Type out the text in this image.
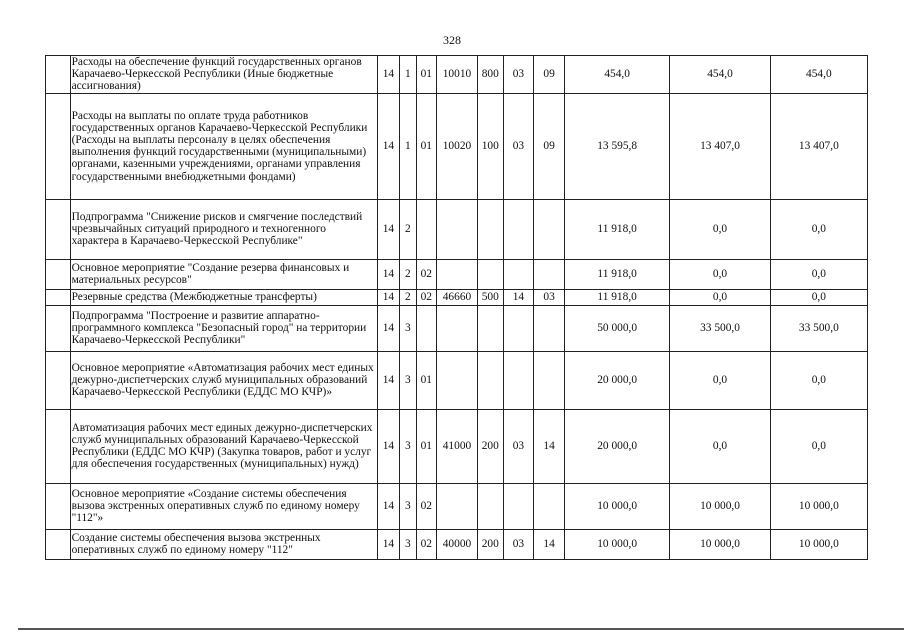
328
	Расходы на обеспечение функций государственных органов Карачаево-Черкесской Республики (Иные бюджетные ассигнования)	14	1	01	10010	800	03	09	454,0	454,0	454,0
	Расходы на выплаты по оплате труда работников государственных органов Карачаево-Черкесской Республики (Расходы на выплаты персоналу в целях обеспечения выполнения функций государственными (муниципальными) органами, казенными учреждениями, органами управления государственными внебюджетными фондами)	14	1	01	10020	100	03	09	13 595,8	13 407,0	13 407,0
	Подпрограмма "Снижение рисков и смягчение последствий чрезвычайных ситуаций природного и техногенного характера в Карачаево-Черкесской Республике"	14	2						11 918,0	0,0	0,0
	Основное мероприятие "Создание резерва финансовых и материальных ресурсов"	14	2	02					11 918,0	0,0	0,0
	Резервные средства (Межбюджетные трансферты)	14	2	02	46660	500	14	03	11 918,0	0,0	0,0
	Подпрограмма "Построение и развитие аппаратно-программного комплекса "Безопасный город" на территории Карачаево-Черкесской Республики"	14	3						50 000,0	33 500,0	33 500,0
	Основное мероприятие «Автоматизация рабочих мест единых дежурно-диспетчерских служб муниципальных образований Карачаево-Черкесской Республики (ЕДДС МО КЧР)»	14	3	01					20 000,0	0,0	0,0
	Автоматизация рабочих мест единых дежурно-диспетчерских служб муниципальных образований Карачаево-Черкесской Республики (ЕДДС МО КЧР) (Закупка товаров, работ и услуг для обеспечения государственных (муниципальных) нужд)	14	3	01	41000	200	03	14	20 000,0	0,0	0,0
	Основное мероприятие «Создание системы обеспечения вызова экстренных оперативных служб по единому номеру "112"»	14	3	02					10 000,0	10 000,0	10 000,0
	Создание системы обеспечения вызова экстренных оперативных служб по единому номеру "112"	14	3	02	40000	200	03	14	10 000,0	10 000,0	10 000,0
